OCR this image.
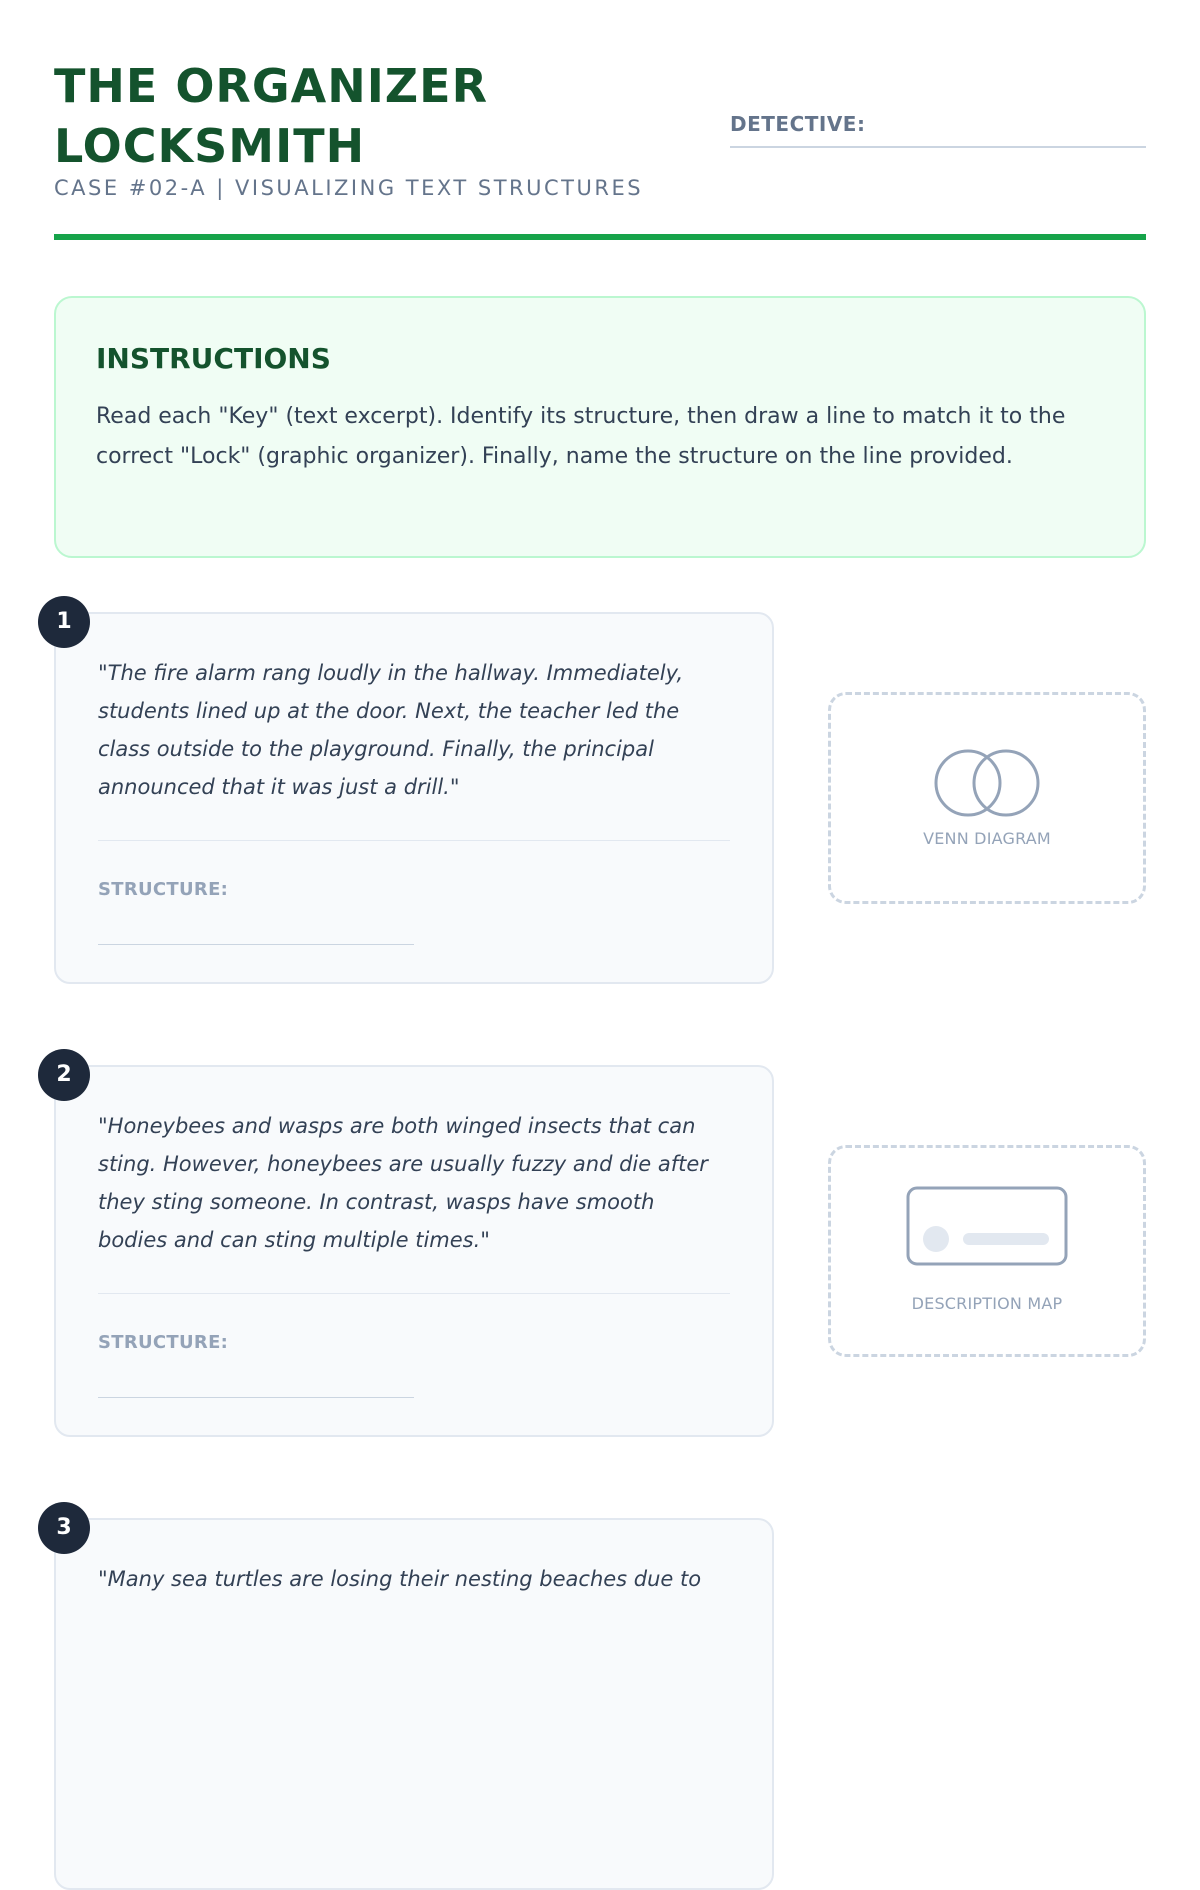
THE ORGANIZER LOCKSMITH
CASE #02-A | VISUALIZING TEXT STRUCTURES
DETECTIVE:
INSTRUCTIONS

Read each "Key" (text excerpt). Identify its structure, then draw a line to match it to the correct "Lock" (graphic organizer). Finally, name the structure on the line provided.

1

"The fire alarm rang loudly in the hallway. Immediately, students lined up at the door. Next, the teacher led the class outside to the playground. Finally, the principal announced that it was just a drill."

STRUCTURE:
VENN DIAGRAM
2

"Honeybees and wasps are both winged insects that can sting. However, honeybees are usually fuzzy and die after they sting someone. In contrast, wasps have smooth bodies and can sting multiple times."

STRUCTURE:
DESCRIPTION MAP
3

"Many sea turtles are losing their nesting beaches due to
